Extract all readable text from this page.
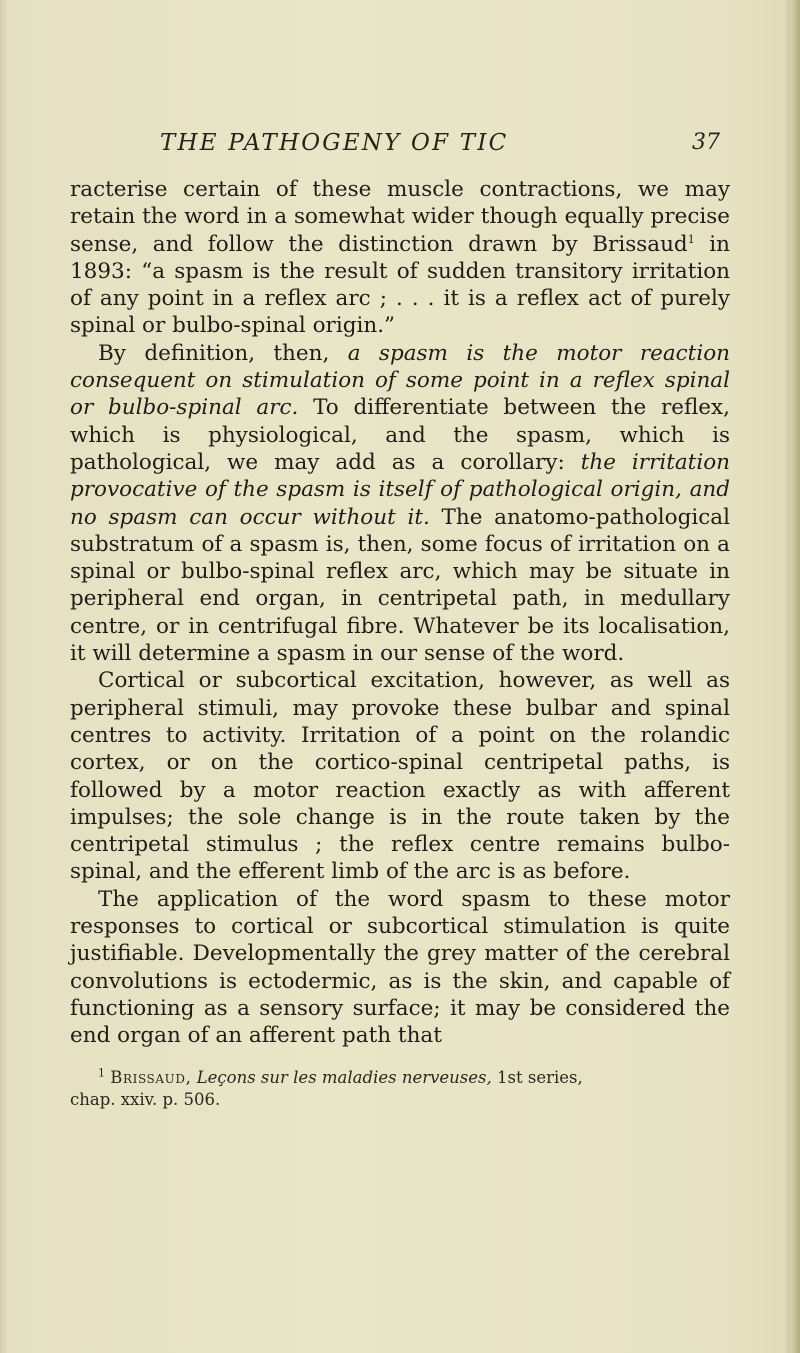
THE PATHOGENY OF TIC	37

racterise certain of these muscle contractions, we may retain the word in a somewhat wider though equally precise sense, and follow the distinction drawn by Brissaud$^1$ in 1893: “a spasm is the result of sudden transitory irritation of any point in a reflex arc ; . . . it is a reflex act of purely spinal or bulbo-spinal origin.”

By definition, then, a spasm is the motor reaction consequent on stimulation of some point in a reflex spinal or bulbo-spinal arc. To differentiate between the reflex, which is physiological, and the spasm, which is pathological, we may add as a corollary: the irritation provocative of the spasm is itself of pathological origin, and no spasm can occur without it. The anatomo-pathological substratum of a spasm is, then, some focus of irritation on a spinal or bulbo-spinal reflex arc, which may be situate in peripheral end organ, in centripetal path, in medullary centre, or in centrifugal fibre. Whatever be its localisation, it will determine a spasm in our sense of the word.

Cortical or subcortical excitation, however, as well as peripheral stimuli, may provoke these bulbar and spinal centres to activity. Irritation of a point on the rolandic cortex, or on the cortico-spinal centripetal paths, is followed by a motor reaction exactly as with afferent impulses; the sole change is in the route taken by the centripetal stimulus ; the reflex centre remains bulbo-spinal, and the efferent limb of the arc is as before.

The application of the word spasm to these motor responses to cortical or subcortical stimulation is quite justifiable. Developmentally the grey matter of the cerebral convolutions is ectodermic, as is the skin, and capable of functioning as a sensory surface; it may be considered the end organ of an afferent path that

$^1$ Brissaud, Leçons sur les maladies nerveuses, 1st series,

chap. xxiv. p. 506.
